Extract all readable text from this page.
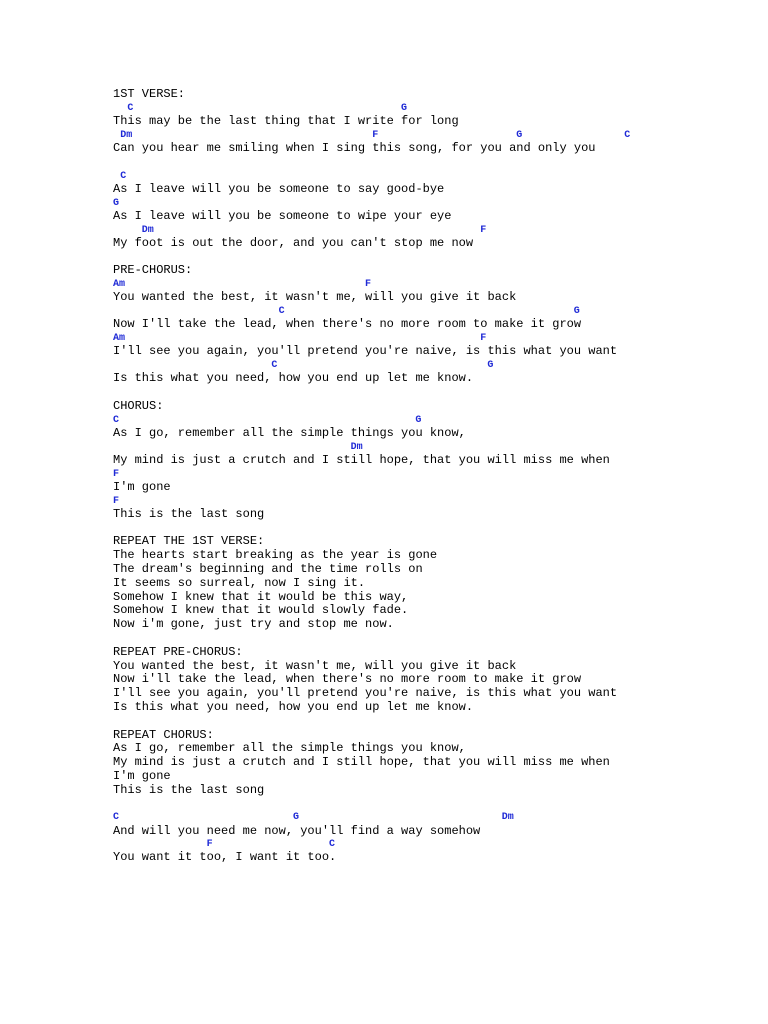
1ST VERSE:
C	G
This may be the last thing that I write for long
Dm	F	G	C
Can you hear me smiling when I sing this song, for you and only you
C
As I leave will you be someone to say good-bye
G
As I leave will you be someone to wipe your eye
Dm	F
My foot is out the door, and you can't stop me now
PRE-CHORUS:
Am	F
You wanted the best, it wasn't me, will you give it back
C	G
Now I'll take the lead, when there's no more room to make it grow
Am	F
I'll see you again, you'll pretend you're naive, is this what you want
C	G
Is this what you need, how you end up let me know.
CHORUS:
C	G
As I go, remember all the simple things you know,
Dm
My mind is just a crutch and I still hope, that you will miss me when
F
I'm gone
F
This is the last song
REPEAT THE 1ST VERSE:
The hearts start breaking as the year is gone
The dream's beginning and the time rolls on
It seems so surreal, now I sing it.
Somehow I knew that it would be this way,
Somehow I knew that it would slowly fade.
Now i'm gone, just try and stop me now.
REPEAT PRE-CHORUS:
You wanted the best, it wasn't me, will you give it back
Now i'll take the lead, when there's no more room to make it grow
I'll see you again, you'll pretend you're naive, is this what you want
Is this what you need, how you end up let me know.
REPEAT CHORUS:
As I go, remember all the simple things you know,
My mind is just a crutch and I still hope, that you will miss me when
I'm gone
This is the last song
C	G	Dm
And will you need me now, you'll find a way somehow
F	C
You want it too, I want it too.
